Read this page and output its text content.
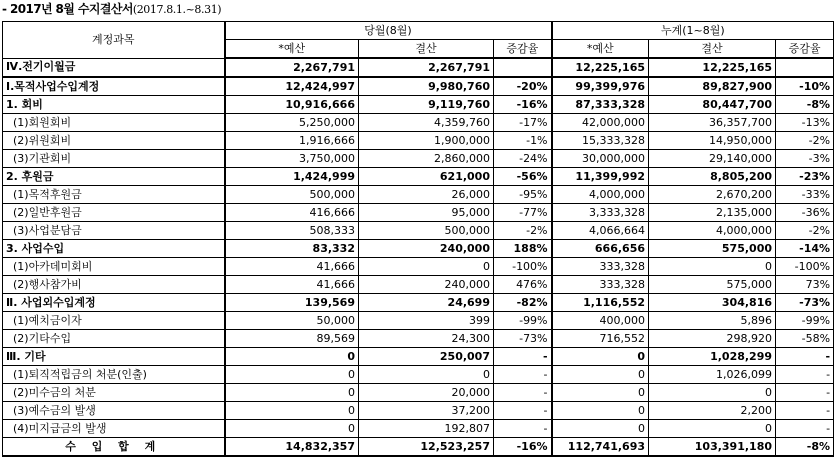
- 2017년 8월 수지결산서(2017.8.1.~8.31)
계정과목	당월(8월)			누계(1~8월)		
	*예산	결산	증감율	*예산	결산	증감율
Ⅳ.전기이월금	2,267,791	2,267,791		12,225,165	12,225,165	
Ⅰ.목적사업수입계정	12,424,997	9,980,760	-20%	99,399,976	89,827,900	-10%
1. 회비	10,916,666	9,119,760	-16%	87,333,328	80,447,700	-8%
(1)회원회비	5,250,000	4,359,760	-17%	42,000,000	36,357,700	-13%
(2)위원회비	1,916,666	1,900,000	-1%	15,333,328	14,950,000	-2%
(3)기관회비	3,750,000	2,860,000	-24%	30,000,000	29,140,000	-3%
2. 후원금	1,424,999	621,000	-56%	11,399,992	8,805,200	-23%
(1)목적후원금	500,000	26,000	-95%	4,000,000	2,670,200	-33%
(2)일반후원금	416,666	95,000	-77%	3,333,328	2,135,000	-36%
(3)사업분담금	508,333	500,000	-2%	4,066,664	4,000,000	-2%
3. 사업수입	83,332	240,000	188%	666,656	575,000	-14%
(1)아카데미회비	41,666	0	-100%	333,328	0	-100%
(2)행사참가비	41,666	240,000	476%	333,328	575,000	73%
Ⅱ. 사업외수입계정	139,569	24,699	-82%	1,116,552	304,816	-73%
(1)예치금이자	50,000	399	-99%	400,000	5,896	-99%
(2)기타수입	89,569	24,300	-73%	716,552	298,920	-58%
Ⅲ. 기타	0	250,007	-	0	1,028,299	-
(1)퇴직적립금의 처분(인출)	0	0	-	0	1,026,099	-
(2)미수금의 처분	0	20,000	-	0	0	-
(3)예수금의 발생	0	37,200	-	0	2,200	-
(4)미지급금의 발생	0	192,807	-	0	0	-
수 입 합 계	14,832,357	12,523,257	-16%	112,741,693	103,391,180	-8%
